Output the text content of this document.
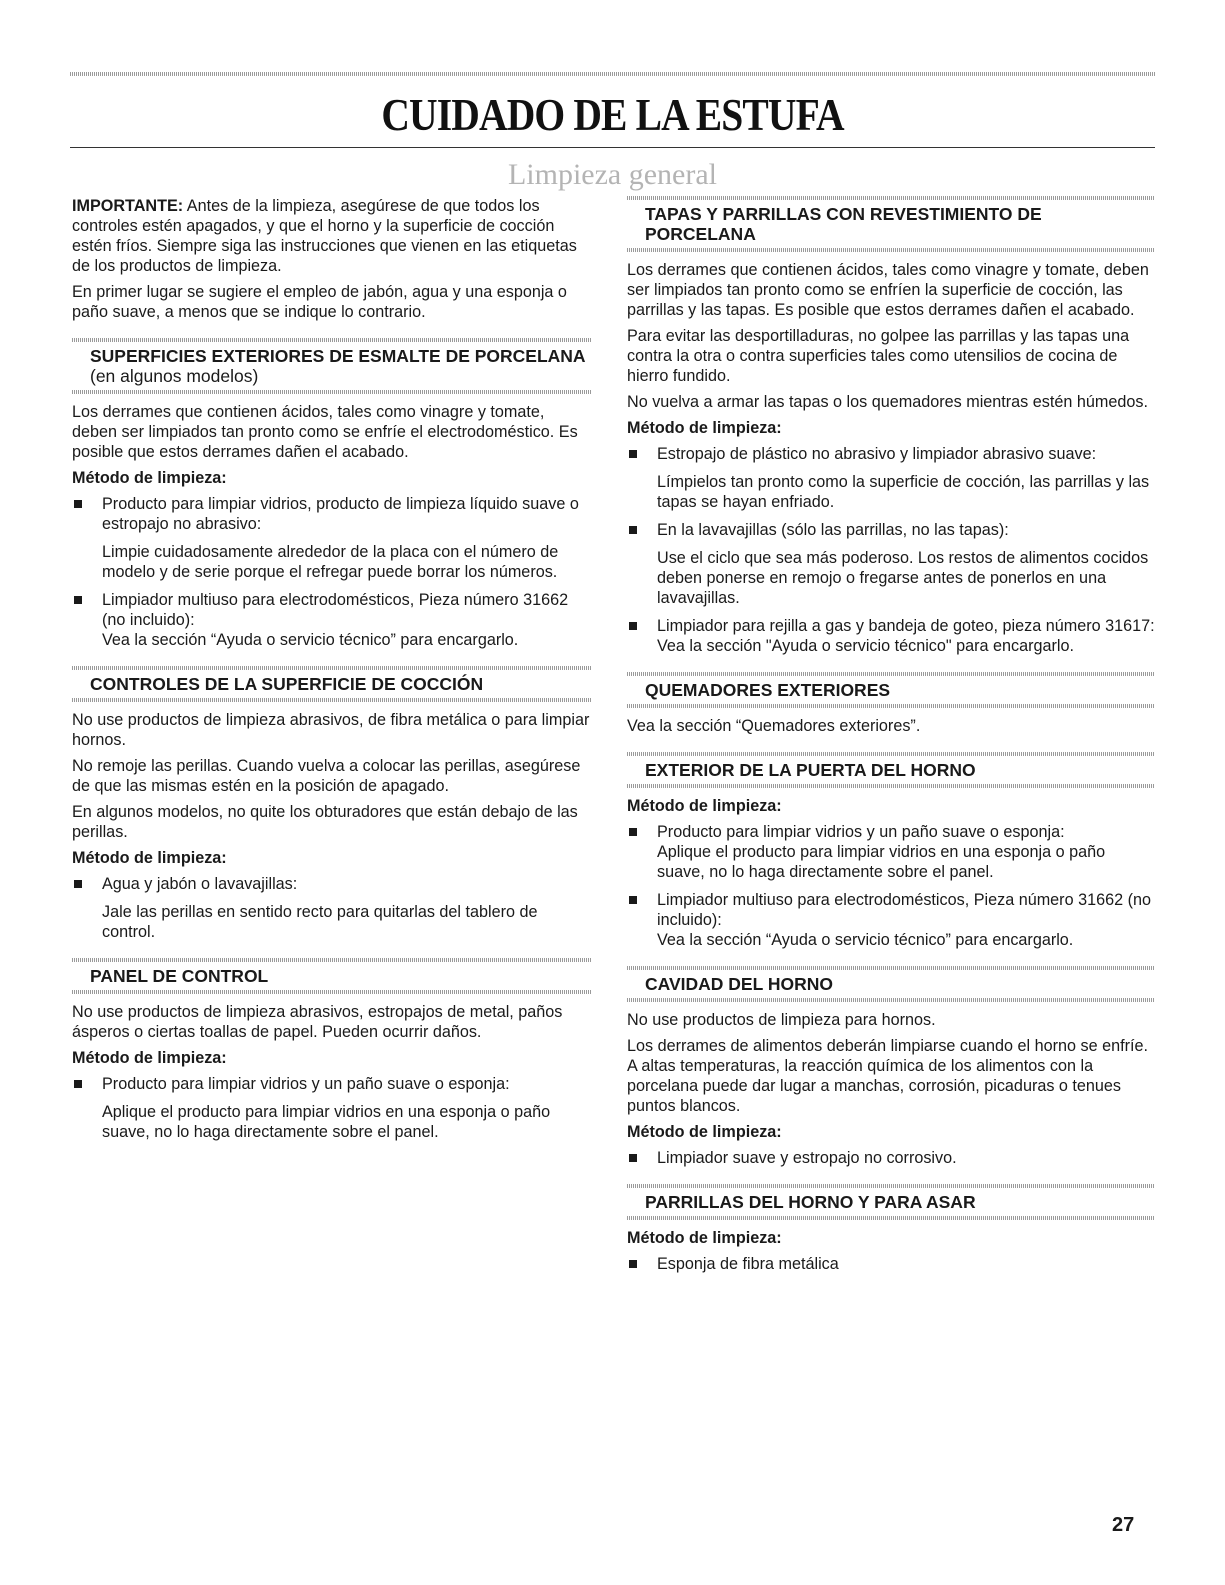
CUIDADO DE LA ESTUFA
Limpieza general

IMPORTANTE: Antes de la limpieza, asegúrese de que todos los controles estén apagados, y que el horno y la superficie de cocción estén fríos. Siempre siga las instrucciones que vienen en las etiquetas de los productos de limpieza.

En primer lugar se sugiere el empleo de jabón, agua y una esponja o paño suave, a menos que se indique lo contrario.

SUPERFICIES EXTERIORES DE ESMALTE DE PORCELANA
(en algunos modelos)

Los derrames que contienen ácidos, tales como vinagre y tomate, deben ser limpiados tan pronto como se enfríe el electrodoméstico. Es posible que estos derrames dañen el acabado.

Método de limpieza:

Producto para limpiar vidrios, producto de limpieza líquido suave o estropajo no abrasivo:
Limpie cuidadosamente alrededor de la placa con el número de modelo y de serie porque el refregar puede borrar los números.
Limpiador multiuso para electrodomésticos, Pieza número 31662 (no incluido):
Vea la sección “Ayuda o servicio técnico” para encargarlo.
CONTROLES DE LA SUPERFICIE DE COCCIÓN

No use productos de limpieza abrasivos, de fibra metálica o para limpiar hornos.

No remoje las perillas. Cuando vuelva a colocar las perillas, asegúrese de que las mismas estén en la posición de apagado.

En algunos modelos, no quite los obturadores que están debajo de las perillas.

Método de limpieza:

Agua y jabón o lavavajillas:
Jale las perillas en sentido recto para quitarlas del tablero de control.
PANEL DE CONTROL

No use productos de limpieza abrasivos, estropajos de metal, paños ásperos o ciertas toallas de papel. Pueden ocurrir daños.

Método de limpieza:

Producto para limpiar vidrios y un paño suave o esponja:
Aplique el producto para limpiar vidrios en una esponja o paño suave, no lo haga directamente sobre el panel.
TAPAS Y PARRILLAS CON REVESTIMIENTO DE PORCELANA

Los derrames que contienen ácidos, tales como vinagre y tomate, deben ser limpiados tan pronto como se enfríen la superficie de cocción, las parrillas y las tapas. Es posible que estos derrames dañen el acabado.

Para evitar las desportilladuras, no golpee las parrillas y las tapas una contra la otra o contra superficies tales como utensilios de cocina de hierro fundido.

No vuelva a armar las tapas o los quemadores mientras estén húmedos.

Método de limpieza:

Estropajo de plástico no abrasivo y limpiador abrasivo suave:
Límpielos tan pronto como la superficie de cocción, las parrillas y las tapas se hayan enfriado.
En la lavavajillas (sólo las parrillas, no las tapas):
Use el ciclo que sea más poderoso. Los restos de alimentos cocidos deben ponerse en remojo o fregarse antes de ponerlos en una lavavajillas.
Limpiador para rejilla a gas y bandeja de goteo, pieza número 31617:
Vea la sección "Ayuda o servicio técnico" para encargarlo.
QUEMADORES EXTERIORES

Vea la sección “Quemadores exteriores”.

EXTERIOR DE LA PUERTA DEL HORNO

Método de limpieza:

Producto para limpiar vidrios y un paño suave o esponja:
Aplique el producto para limpiar vidrios en una esponja o paño suave, no lo haga directamente sobre el panel.
Limpiador multiuso para electrodomésticos, Pieza número 31662 (no incluido):
Vea la sección “Ayuda o servicio técnico” para encargarlo.
CAVIDAD DEL HORNO

No use productos de limpieza para hornos.

Los derrames de alimentos deberán limpiarse cuando el horno se enfríe. A altas temperaturas, la reacción química de los alimentos con la porcelana puede dar lugar a manchas, corrosión, picaduras o tenues puntos blancos.

Método de limpieza:

Limpiador suave y estropajo no corrosivo.
PARRILLAS DEL HORNO Y PARA ASAR

Método de limpieza:

Esponja de fibra metálica
27
